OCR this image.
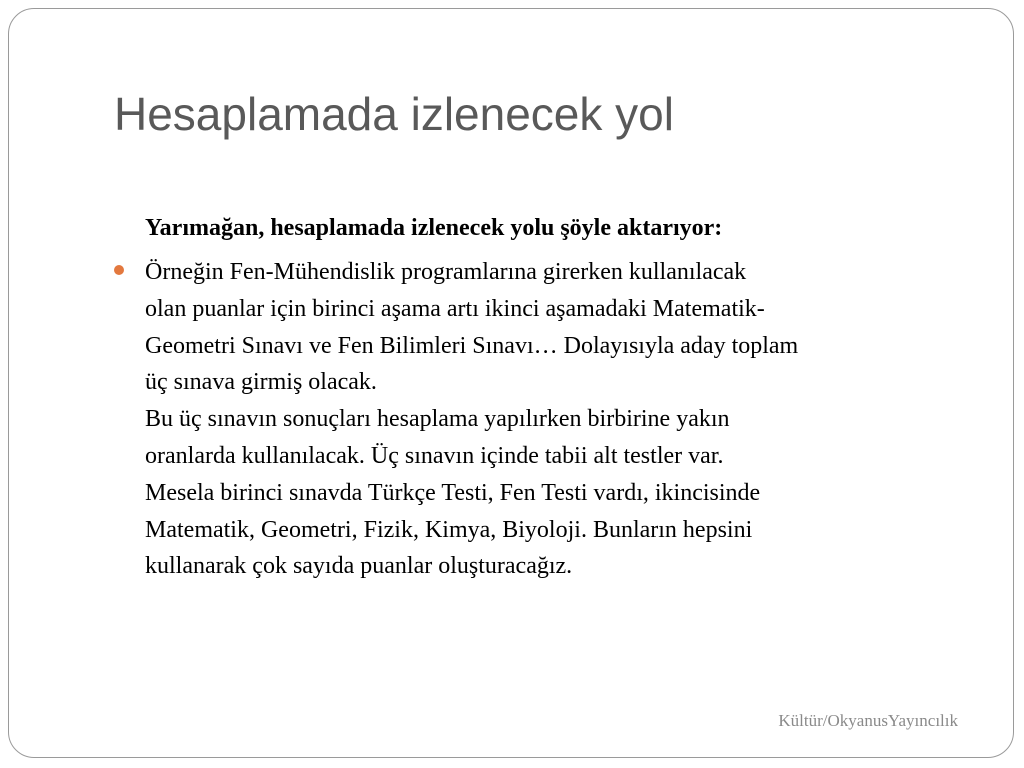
Hesaplamada izlenecek yol

Yarımağan, hesaplamada izlenecek yolu şöyle aktarıyor:

Örneğin Fen-Mühendislik programlarına girerken kullanılacak
olan puanlar için birinci aşama artı ikinci aşamadaki Matematik-
Geometri Sınavı ve Fen Bilimleri Sınavı… Dolayısıyla aday toplam
üç sınava girmiş olacak.
Bu üç sınavın sonuçları hesaplama yapılırken birbirine yakın
oranlarda kullanılacak. Üç sınavın içinde tabii alt testler var.
Mesela birinci sınavda Türkçe Testi, Fen Testi vardı, ikincisinde
Matematik, Geometri, Fizik, Kimya, Biyoloji. Bunların hepsini
kullanarak çok sayıda puanlar oluşturacağız.
Kültür/OkyanusYayıncılık
